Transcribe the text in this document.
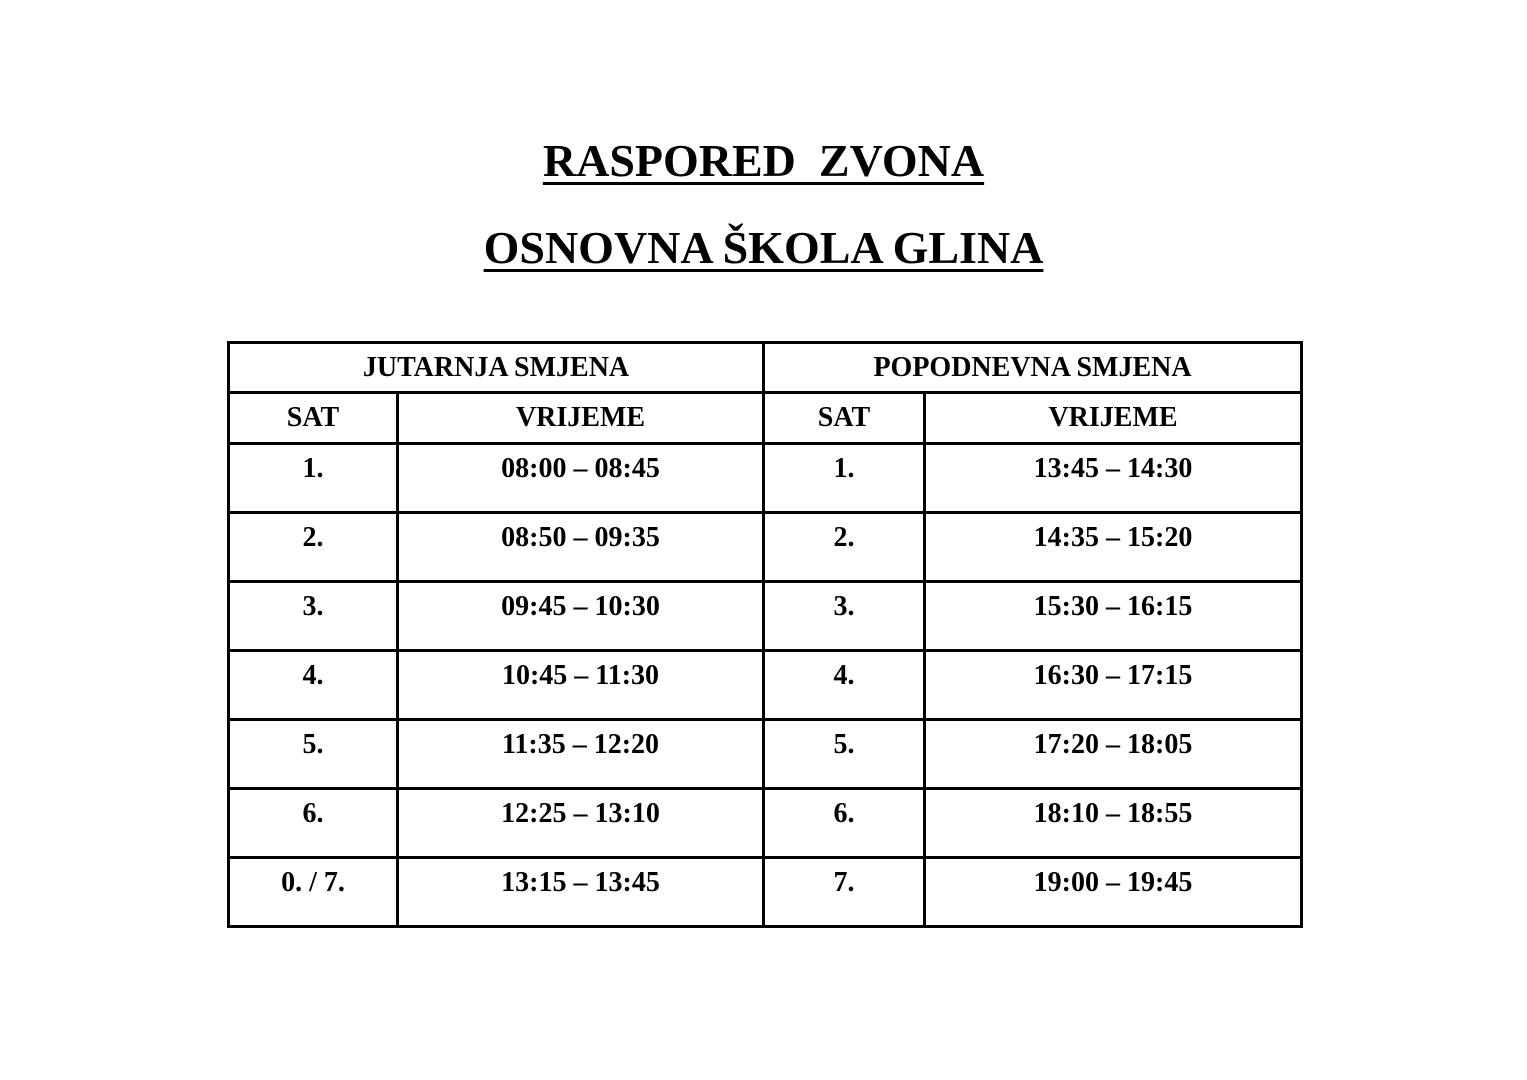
RASPORED  ZVONA
OSNOVNA ŠKOLA GLINA
JUTARNJA SMJENA		POPODNEVNA SMJENA	
SAT	VRIJEME	SAT	VRIJEME
1.	08:00 – 08:45	1.	13:45 – 14:30
2.	08:50 – 09:35	2.	14:35 – 15:20
3.	09:45 – 10:30	3.	15:30 – 16:15
4.	10:45 – 11:30	4.	16:30 – 17:15
5.	11:35 – 12:20	5.	17:20 – 18:05
6.	12:25 – 13:10	6.	18:10 – 18:55
0. / 7.	13:15 – 13:45	7.	19:00 – 19:45
